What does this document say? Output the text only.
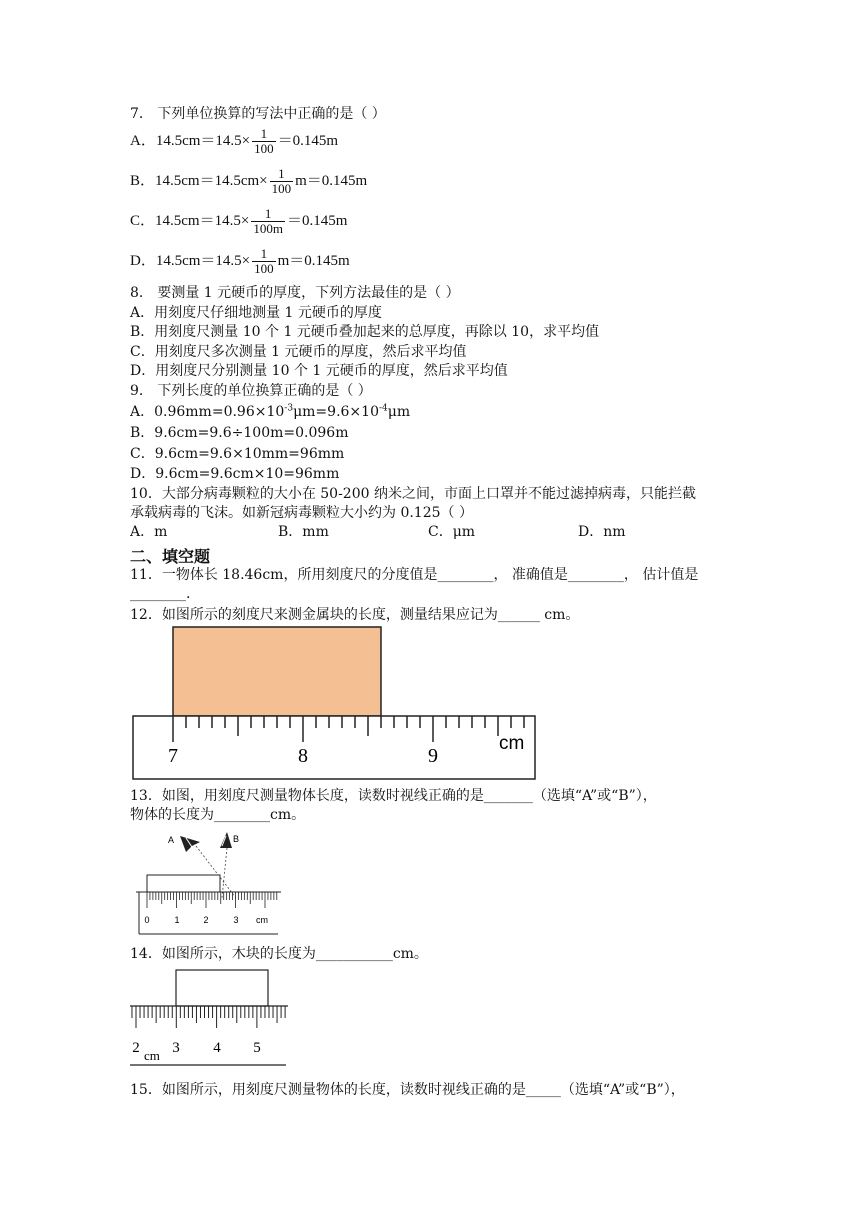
7． 下列单位换算的写法中正确的是（ ）
A．$14.5cm=14.5\times \frac{1}{100} =0.145m$
B．$14.5cm=14.5cm\times \frac{1}{100} m=0.145m$
C．$14.5cm=14.5\times \frac{1}{100m} =0.145m$
D．$14.5cm=14.5\times \frac{1}{100} m=0.145m$
8． 要测量 1 元硬币的厚度，下列方法最佳的是（ ）
A．用刻度尺仔细地测量 1 元硬币的厚度
B．用刻度尺测量 10 个 1 元硬币叠加起来的总厚度，再除以 10，求平均值
C．用刻度尺多次测量 1 元硬币的厚度，然后求平均值
D．用刻度尺分别测量 10 个 1 元硬币的厚度，然后求平均值
9． 下列长度的单位换算正确的是（ ）
A．$0.96mm=0.96\times 10^{-3}\mu m=9.6\times 10^{-4}\mu m$
B．9.6cm=9.6÷100m=0.096m
C．9.6cm=9.6×10mm=96mm
D．9.6cm=9.6cm×10=96mm
10．大部分病毒颗粒的大小在 50-200 纳米之间，市面上口罩并不能过滤掉病毒，只能拦截
承载病毒的飞沫。如新冠病毒颗粒大小约为 0.125（ ）
A．m	B．mm	C．μm	D．nm
二、填空题
11．一物体长 18.46cm，所用刻度尺的分度值是________， 准确值是________， 估计值是
________.
12．如图所示的刻度尺来测金属块的长度，测量结果应记为______ cm。
7	8	9
cm
13．如图，用刻度尺测量物体长度，读数时视线正确的是_______（选填“A”或“B”），
物体的长度为________cm。
A	B
0	1	2	3 cm
14．如图所示，木块的长度为___________cm。
2 3 4 5
cm
15．如图所示，用刻度尺测量物体的长度，读数时视线正确的是_____（选填“A”或“B”），
